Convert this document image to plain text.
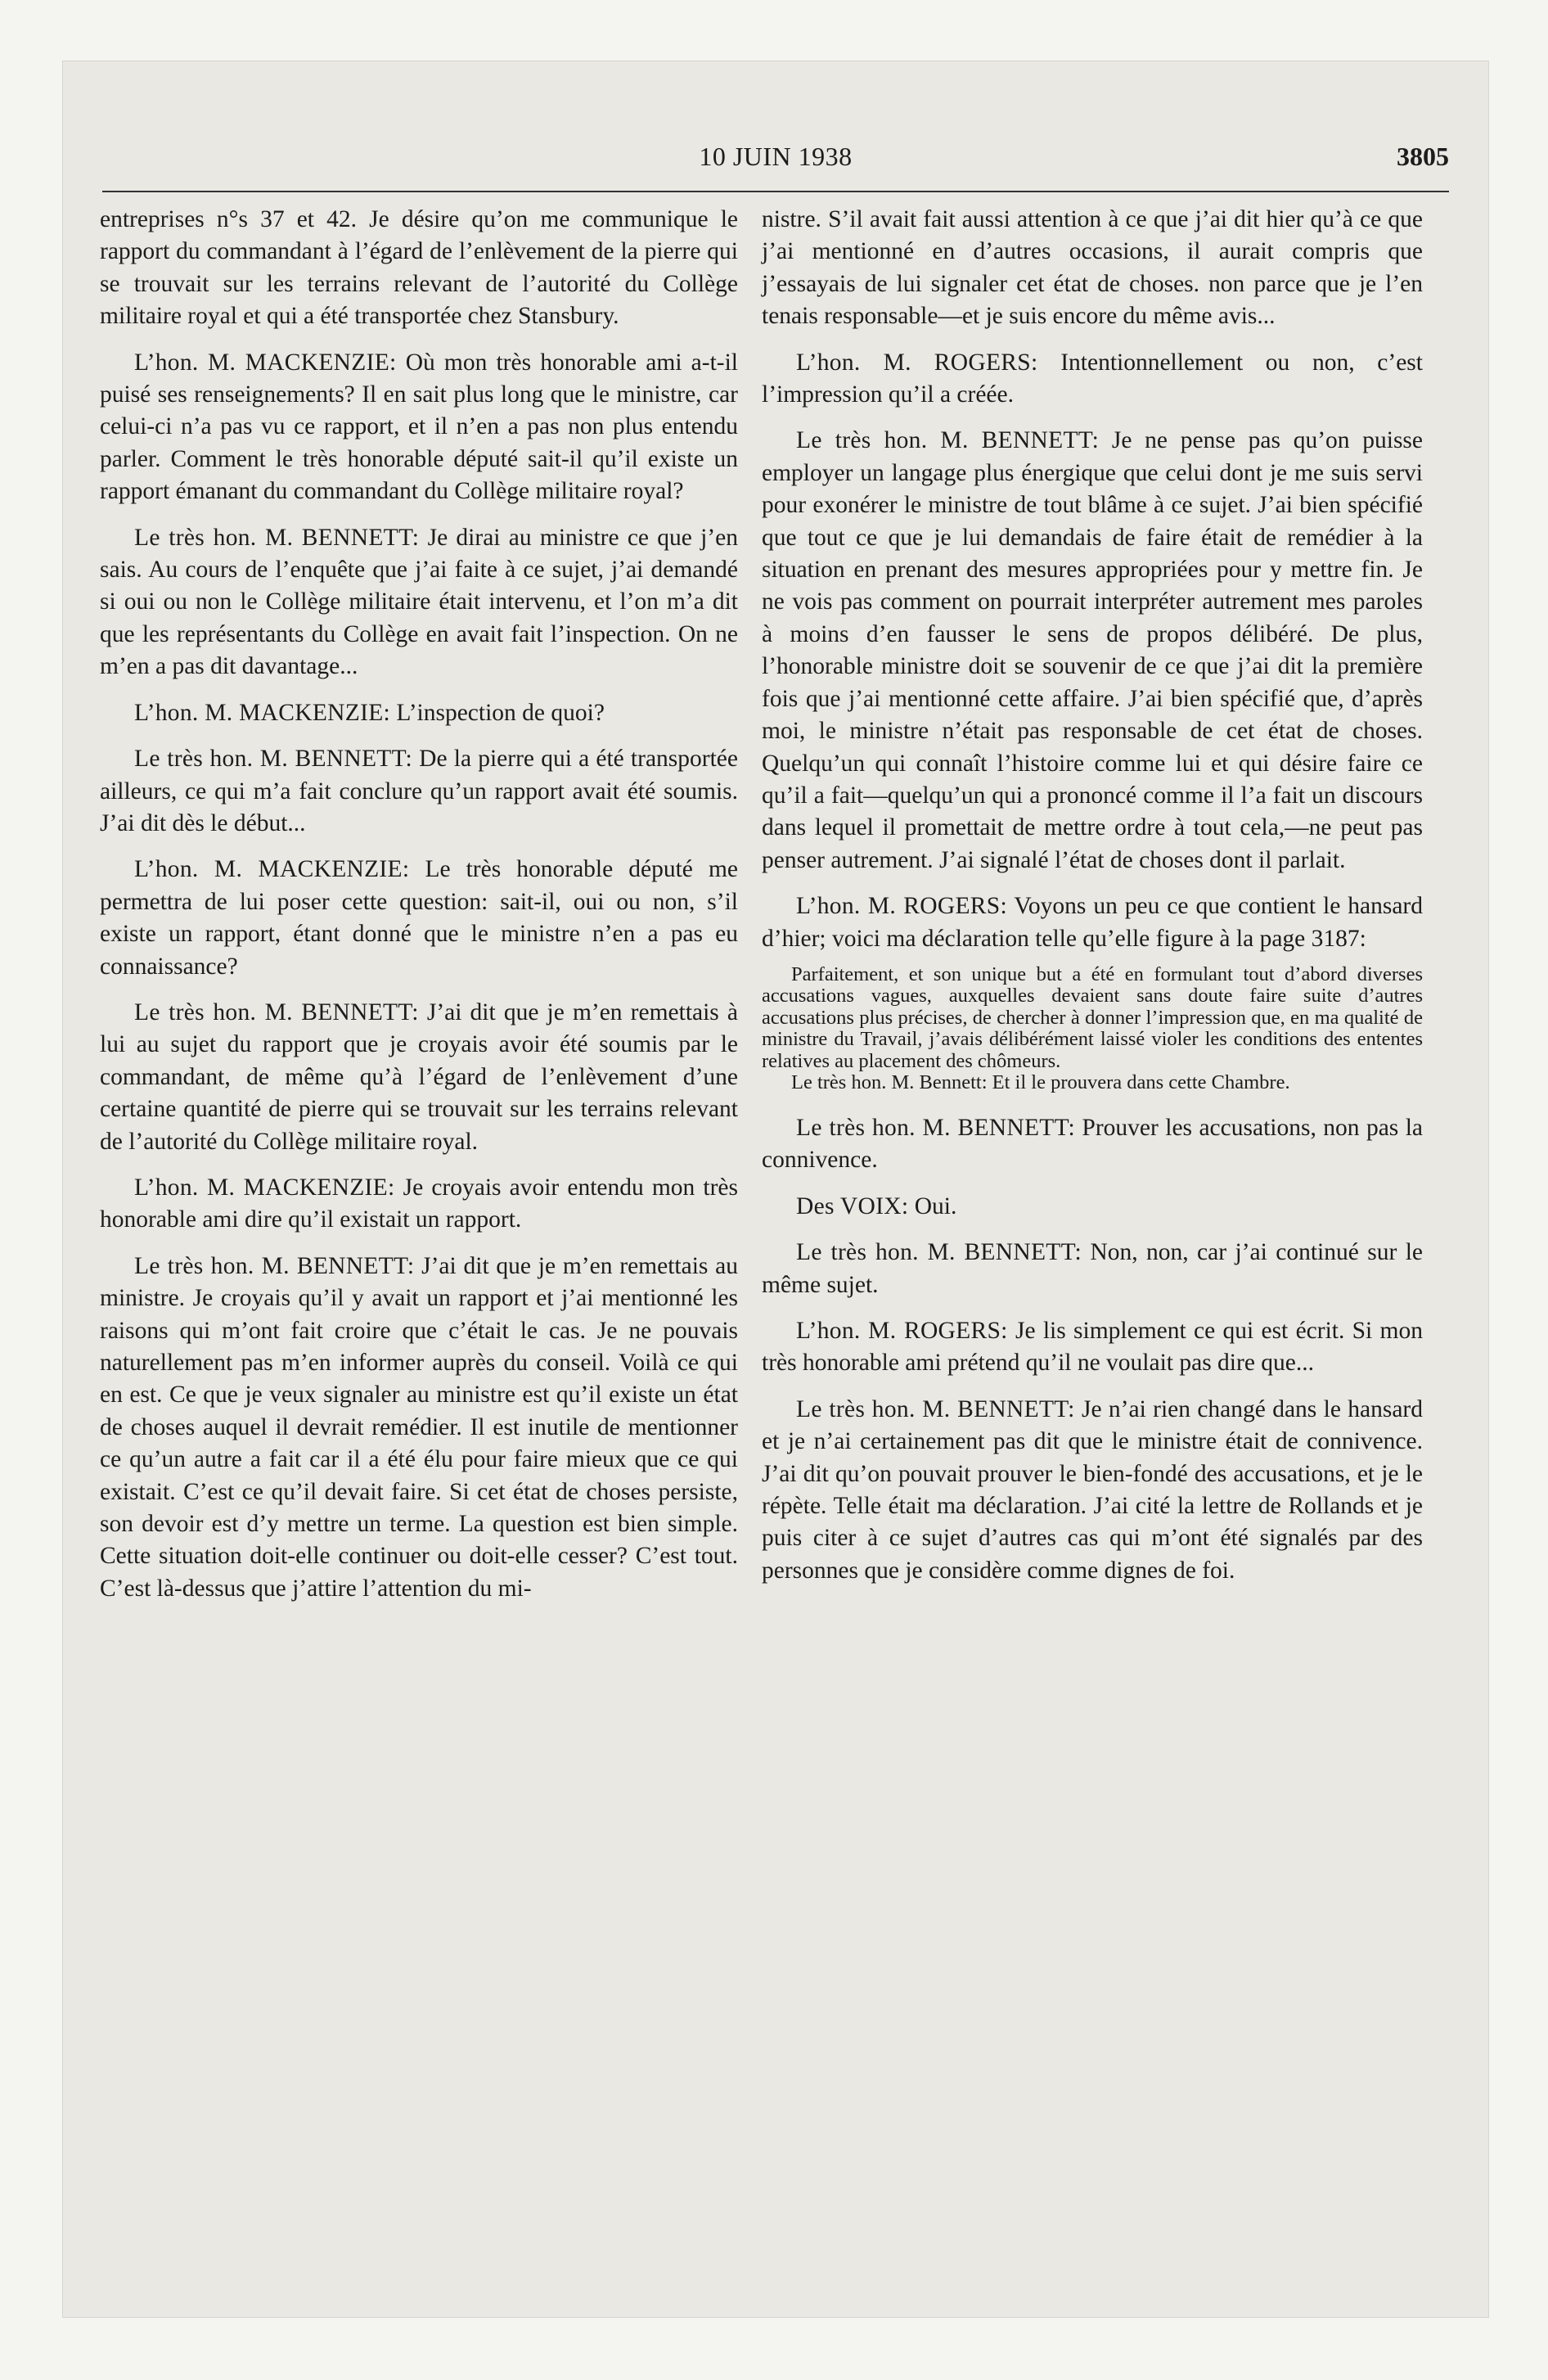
10 JUIN 1938	3805

entreprises n°s 37 et 42. Je désire qu’on me communique le rapport du commandant à l’égard de l’enlèvement de la pierre qui se trouvait sur les terrains relevant de l’autorité du Collège militaire royal et qui a été transportée chez Stansbury.

L’hon. M. MACKENZIE: Où mon très honorable ami a-t-il puisé ses renseignements? Il en sait plus long que le ministre, car celui-ci n’a pas vu ce rapport, et il n’en a pas non plus entendu parler. Comment le très honorable député sait-il qu’il existe un rapport émanant du commandant du Collège militaire royal?

Le très hon. M. BENNETT: Je dirai au ministre ce que j’en sais. Au cours de l’enquête que j’ai faite à ce sujet, j’ai demandé si oui ou non le Collège militaire était intervenu, et l’on m’a dit que les représentants du Collège en avait fait l’inspection. On ne m’en a pas dit davantage...

L’hon. M. MACKENZIE: L’inspection de quoi?

Le très hon. M. BENNETT: De la pierre qui a été transportée ailleurs, ce qui m’a fait conclure qu’un rapport avait été soumis. J’ai dit dès le début...

L’hon. M. MACKENZIE: Le très honorable député me permettra de lui poser cette question: sait-il, oui ou non, s’il existe un rapport, étant donné que le ministre n’en a pas eu connaissance?

Le très hon. M. BENNETT: J’ai dit que je m’en remettais à lui au sujet du rapport que je croyais avoir été soumis par le commandant, de même qu’à l’égard de l’enlèvement d’une certaine quantité de pierre qui se trouvait sur les terrains relevant de l’autorité du Collège militaire royal.

L’hon. M. MACKENZIE: Je croyais avoir entendu mon très honorable ami dire qu’il existait un rapport.

Le très hon. M. BENNETT: J’ai dit que je m’en remettais au ministre. Je croyais qu’il y avait un rapport et j’ai mentionné les raisons qui m’ont fait croire que c’était le cas. Je ne pouvais naturellement pas m’en informer auprès du conseil. Voilà ce qui en est. Ce que je veux signaler au ministre est qu’il existe un état de choses auquel il devrait remédier. Il est inutile de mentionner ce qu’un autre a fait car il a été élu pour faire mieux que ce qui existait. C’est ce qu’il devait faire. Si cet état de choses persiste, son devoir est d’y mettre un terme. La question est bien simple. Cette situation doit-elle continuer ou doit-elle cesser? C’est tout. C’est là-dessus que j’attire l’attention du mi-

nistre. S’il avait fait aussi attention à ce que j’ai dit hier qu’à ce que j’ai mentionné en d’autres occasions, il aurait compris que j’essayais de lui signaler cet état de choses. non parce que je l’en tenais responsable—et je suis encore du même avis...

L’hon. M. ROGERS: Intentionnellement ou non, c’est l’impression qu’il a créée.

Le très hon. M. BENNETT: Je ne pense pas qu’on puisse employer un langage plus énergique que celui dont je me suis servi pour exonérer le ministre de tout blâme à ce sujet. J’ai bien spécifié que tout ce que je lui demandais de faire était de remédier à la situation en prenant des mesures appropriées pour y mettre fin. Je ne vois pas comment on pourrait interpréter autrement mes paroles à moins d’en fausser le sens de propos délibéré. De plus, l’honorable ministre doit se souvenir de ce que j’ai dit la première fois que j’ai mentionné cette affaire. J’ai bien spécifié que, d’après moi, le ministre n’était pas responsable de cet état de choses. Quelqu’un qui connaît l’histoire comme lui et qui désire faire ce qu’il a fait—quelqu’un qui a prononcé comme il l’a fait un discours dans lequel il promettait de mettre ordre à tout cela,—ne peut pas penser autrement. J’ai signalé l’état de choses dont il parlait.

L’hon. M. ROGERS: Voyons un peu ce que contient le hansard d’hier; voici ma déclaration telle qu’elle figure à la page 3187:

Parfaitement, et son unique but a été en formulant tout d’abord diverses accusations vagues, auxquelles devaient sans doute faire suite d’autres accusations plus précises, de chercher à donner l’impression que, en ma qualité de ministre du Travail, j’avais délibérément laissé violer les conditions des ententes relatives au placement des chômeurs.

Le très hon. M. Bennett: Et il le prouvera dans cette Chambre.

Le très hon. M. BENNETT: Prouver les accusations, non pas la connivence.

Des VOIX: Oui.

Le très hon. M. BENNETT: Non, non, car j’ai continué sur le même sujet.

L’hon. M. ROGERS: Je lis simplement ce qui est écrit. Si mon très honorable ami prétend qu’il ne voulait pas dire que...

Le très hon. M. BENNETT: Je n’ai rien changé dans le hansard et je n’ai certainement pas dit que le ministre était de connivence. J’ai dit qu’on pouvait prouver le bien-fondé des accusations, et je le répète. Telle était ma déclaration. J’ai cité la lettre de Rollands et je puis citer à ce sujet d’autres cas qui m’ont été signalés par des personnes que je considère comme dignes de foi.
